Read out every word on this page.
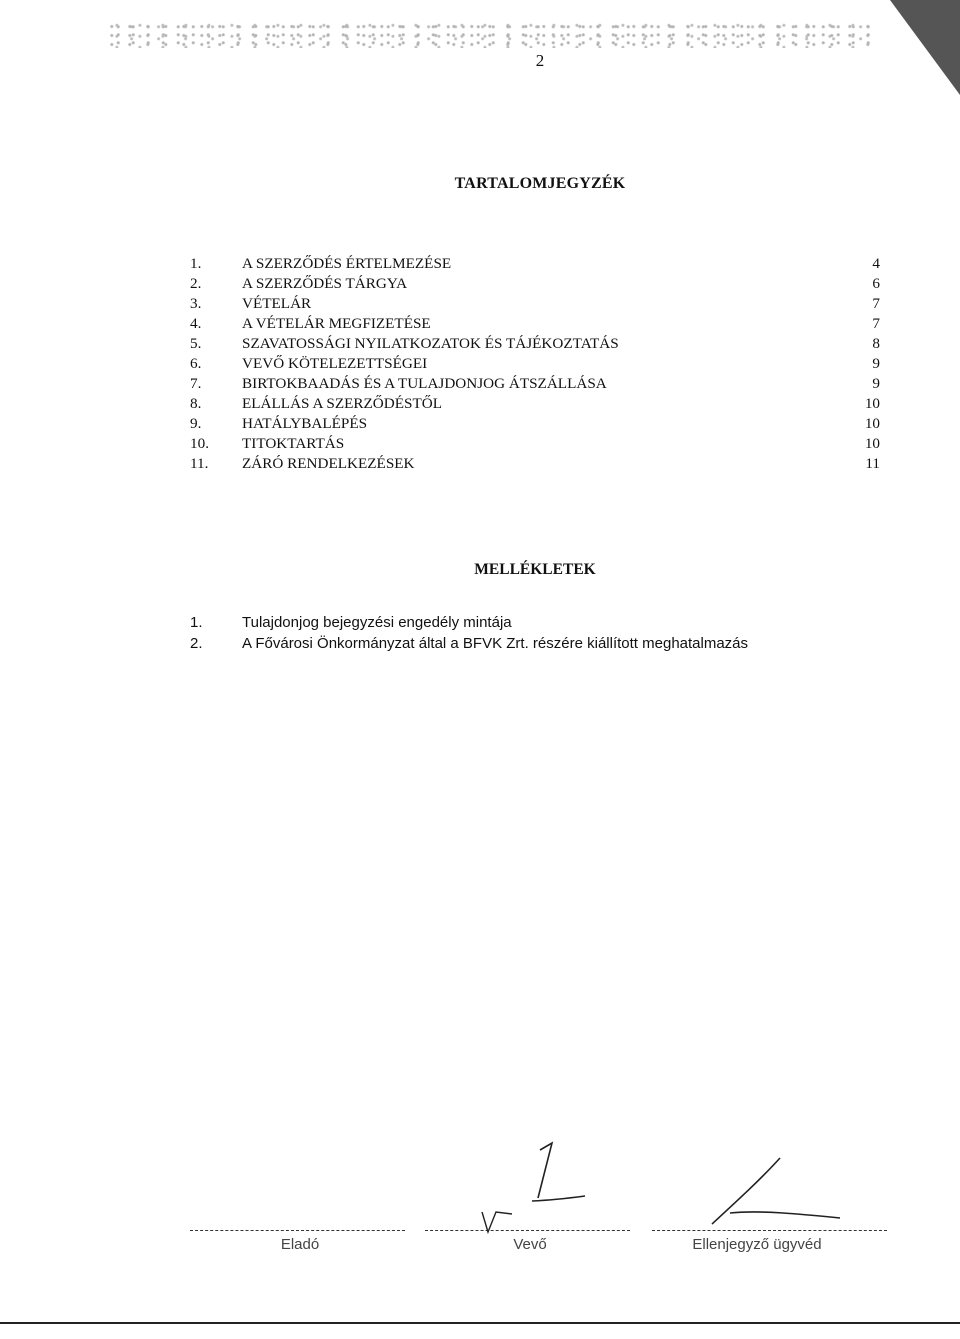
2
TARTALOMJEGYZÉK
1.	A SZERZŐDÉS ÉRTELMEZÉSE	4
2.	A SZERZŐDÉS TÁRGYA	6
3.	VÉTELÁR	7
4.	A VÉTELÁR MEGFIZETÉSE	7
5.	SZAVATOSSÁGI NYILATKOZATOK ÉS TÁJÉKOZTATÁS	8
6.	VEVŐ KÖTELEZETTSÉGEI	9
7.	BIRTOKBAADÁS ÉS A TULAJDONJOG ÁTSZÁLLÁSA	9
8.	ELÁLLÁS A SZERZŐDÉSTŐL	10
9.	HATÁLYBALÉPÉS	10
10. TITOKTARTÁS	10
11. ZÁRÓ RENDELKEZÉSEK	11
MELLÉKLETEK
1.	Tulajdonjog bejegyzési engedély mintája
2.	A Fővárosi Önkormányzat által a BFVK Zrt. részére kiállított meghatalmazás
Eladó	Vevő	Ellenjegyző ügyvéd
